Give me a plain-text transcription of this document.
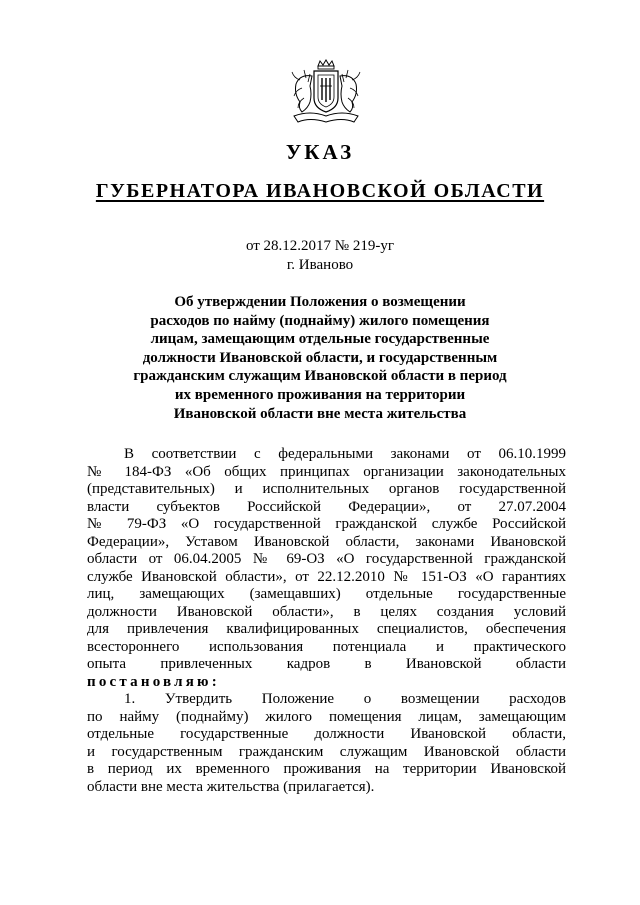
УКАЗ
ГУБЕРНАТОРА ИВАНОВСКОЙ ОБЛАСТИ
от 28.12.2017 № 219-уг
г. Иваново
Об утверждении Положения о возмещении
расходов по найму (поднайму) жилого помещения
лицам, замещающим отдельные государственные
должности Ивановской области, и государственным
гражданским служащим Ивановской области в период
их временного проживания на территории
Ивановской области вне места жительства
В соответствии с федеральными законами от 06.10.1999
№ 184-ФЗ «Об общих принципах организации законодательных
(представительных) и исполнительных органов государственной
власти субъектов Российской Федерации», от 27.07.2004
№ 79-ФЗ «О государственной гражданской службе Российской
Федерации», Уставом Ивановской области, законами Ивановской
области от 06.04.2005 № 69-ОЗ «О государственной гражданской
службе Ивановской области», от 22.12.2010 № 151-ОЗ «О гарантиях
лиц, замещающих (замещавших) отдельные государственные
должности Ивановской области», в целях создания условий
для привлечения квалифицированных специалистов, обеспечения
всестороннего использования потенциала и практического
опыта привлеченных кадров в Ивановской области
постановляю:
1. Утвердить Положение о возмещении расходов
по найму (поднайму) жилого помещения лицам, замещающим
отдельные государственные должности Ивановской области,
и государственным гражданским служащим Ивановской области
в период их временного проживания на территории Ивановской
области вне места жительства (прилагается).
